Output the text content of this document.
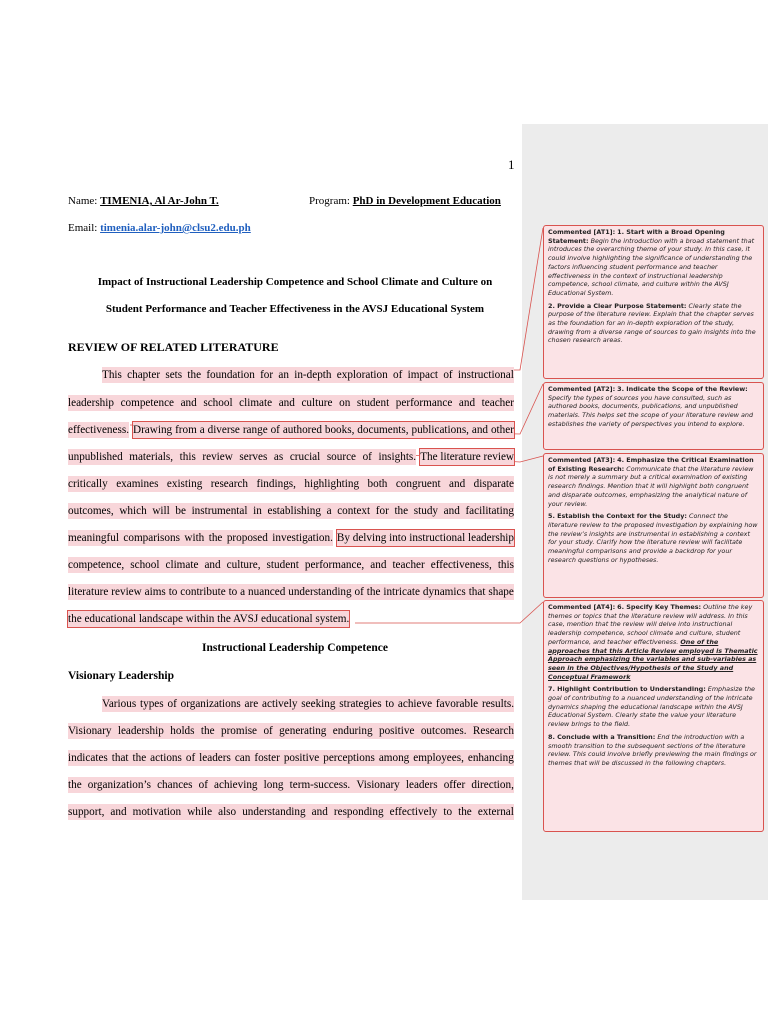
1
Name: TIMENIA, Al Ar-John T.	Program: PhD in Development Education
Email: timenia.alar-john@clsu2.edu.ph
Impact of Instructional Leadership Competence and School Climate and Culture on
Student Performance and Teacher Effectiveness in the AVSJ Educational System
REVIEW OF RELATED LITERATURE
This chapter sets the foundation for an in-depth exploration of impact of instructional
leadership competence and school climate and culture on student performance and teacher
effectiveness. Drawing from a diverse range of authored books, documents, publications, and other
unpublished materials, this review serves as crucial source of insights. The literature review
critically examines existing research findings, highlighting both congruent and disparate
outcomes, which will be instrumental in establishing a context for the study and facilitating
meaningful comparisons with the proposed investigation. By delving into instructional leadership
competence, school climate and culture, student performance, and teacher effectiveness, this
literature review aims to contribute to a nuanced understanding of the intricate dynamics that shape
the educational landscape within the AVSJ educational system.
Instructional Leadership Competence
Visionary Leadership
Various types of organizations are actively seeking strategies to achieve favorable results.
Visionary leadership holds the promise of generating enduring positive outcomes. Research
indicates that the actions of leaders can foster positive perceptions among employees, enhancing
the organization’s chances of achieving long term-success. Visionary leaders offer direction,
support, and motivation while also understanding and responding effectively to the external

Commented [AT1]: 1. Start with a Broad Opening Statement: Begin the introduction with a broad statement that introduces the overarching theme of your study. In this case, it could involve highlighting the significance of understanding the factors influencing student performance and teacher effectiveness in the context of instructional leadership competence, school climate, and culture within the AVSJ Educational System.

2. Provide a Clear Purpose Statement: Clearly state the purpose of the literature review. Explain that the chapter serves as the foundation for an in-depth exploration of the study, drawing from a diverse range of sources to gain insights into the chosen research areas.

Commented [AT2]: 3. Indicate the Scope of the Review: Specify the types of sources you have consulted, such as authored books, documents, publications, and unpublished materials. This helps set the scope of your literature review and establishes the variety of perspectives you intend to explore.

Commented [AT3]: 4. Emphasize the Critical Examination of Existing Research: Communicate that the literature review is not merely a summary but a critical examination of existing research findings. Mention that it will highlight both congruent and disparate outcomes, emphasizing the analytical nature of your review.

5. Establish the Context for the Study: Connect the literature review to the proposed investigation by explaining how the review’s insights are instrumental in establishing a context for your study. Clarify how the literature review will facilitate meaningful comparisons and provide a backdrop for your research questions or hypotheses.

Commented [AT4]: 6. Specify Key Themes: Outline the key themes or topics that the literature review will address. In this case, mention that the review will delve into instructional leadership competence, school climate and culture, student performance, and teacher effectiveness. One of the approaches that this Article Review employed is Thematic Approach emphasizing the variables and sub-variables as seen in the Objectives/Hypothesis of the Study and Conceptual Framework

7. Highlight Contribution to Understanding: Emphasize the goal of contributing to a nuanced understanding of the intricate dynamics shaping the educational landscape within the AVSJ Educational System. Clearly state the value your literature review brings to the field.

8. Conclude with a Transition: End the introduction with a smooth transition to the subsequent sections of the literature review. This could involve briefly previewing the main findings or themes that will be discussed in the following chapters.
